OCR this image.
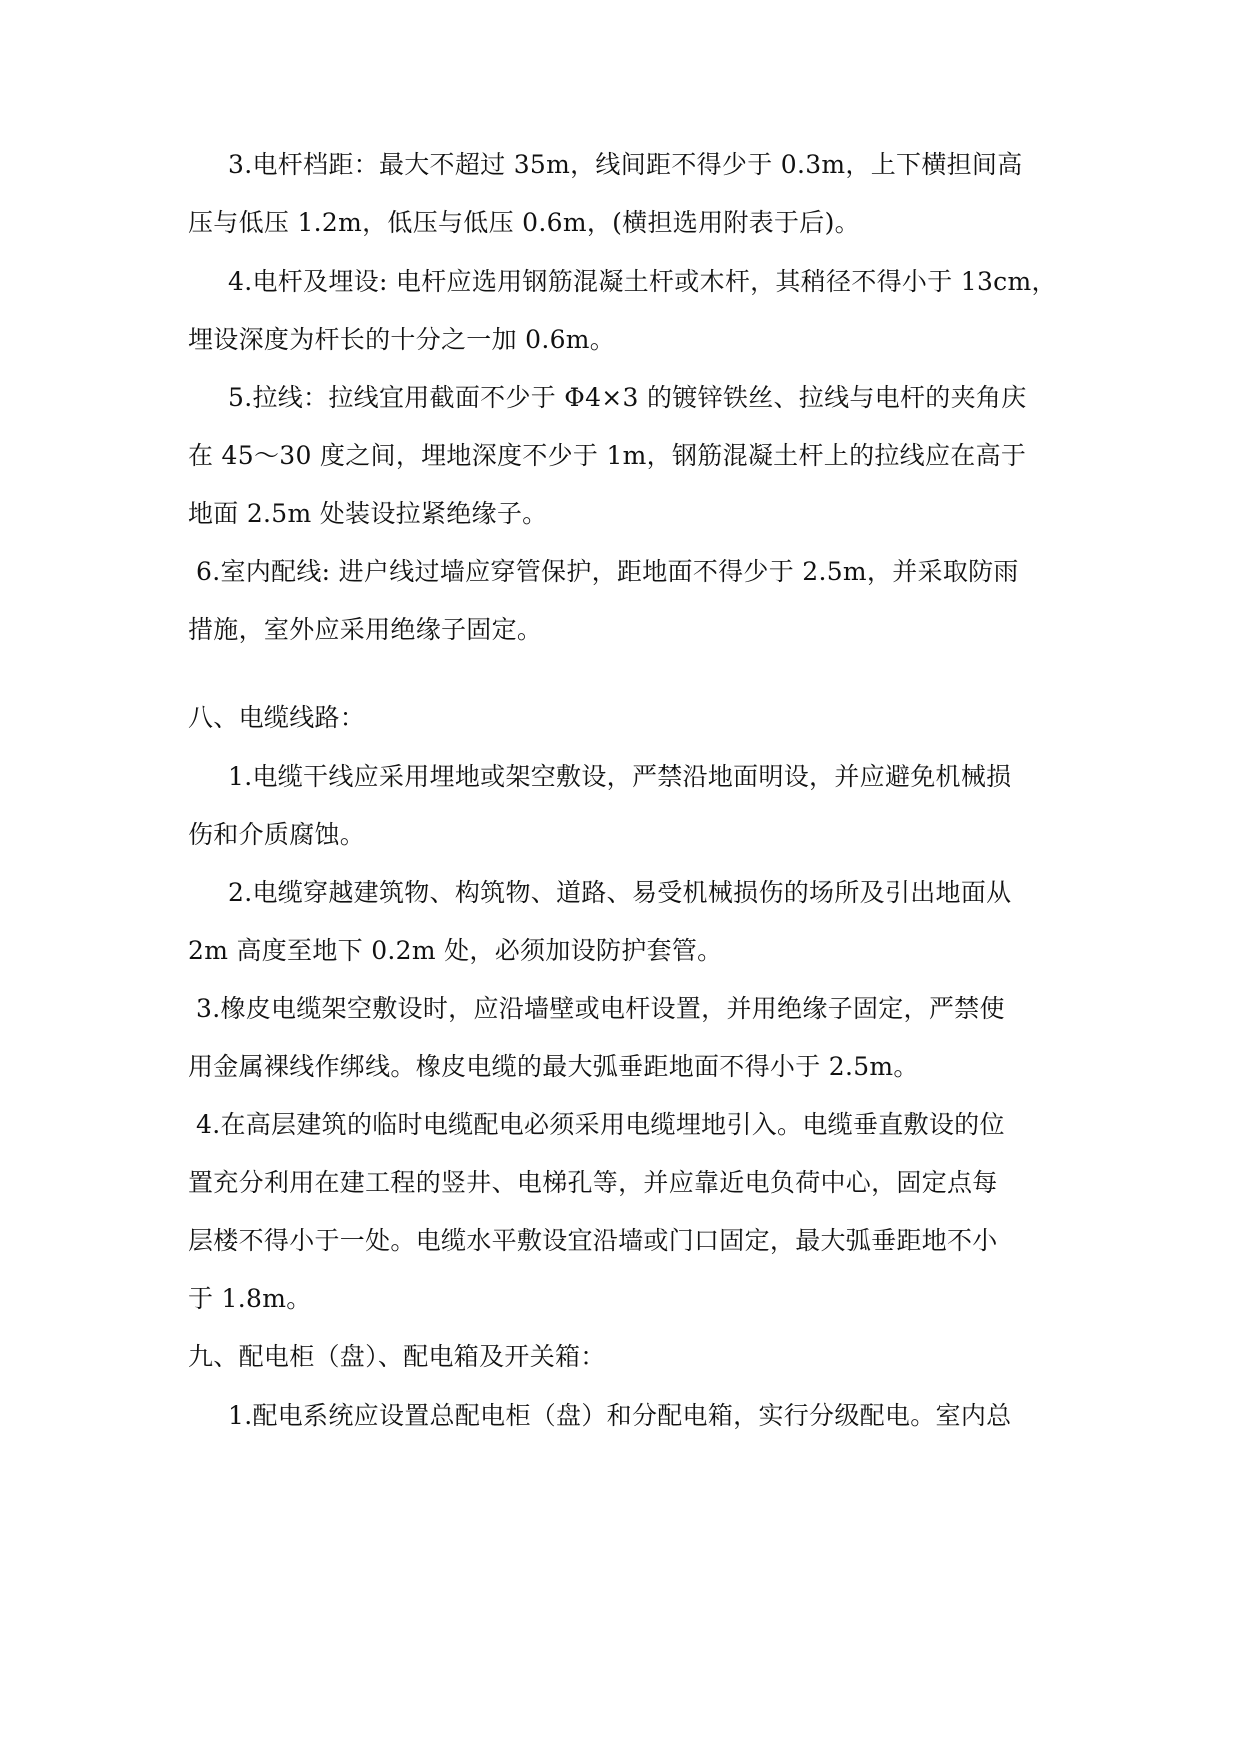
3.电杆档距：最大不超过 35m，线间距不得少于 0.3m，上下横担间高
压与低压 1.2m，低压与低压 0.6m，(横担选用附表于后)。
4.电杆及埋设: 电杆应选用钢筋混凝土杆或木杆，其稍径不得小于 13cm，
埋设深度为杆长的十分之一加 0.6m。
5.拉线：拉线宜用截面不少于 Φ4×3 的镀锌铁丝、拉线与电杆的夹角庆
在 45～30 度之间，埋地深度不少于 1m，钢筋混凝土杆上的拉线应在高于
地面 2.5m 处装设拉紧绝缘子。
6.室内配线: 进户线过墙应穿管保护，距地面不得少于 2.5m，并采取防雨
措施，室外应采用绝缘子固定。
八、电缆线路：
1.电缆干线应采用埋地或架空敷设，严禁沿地面明设，并应避免机械损
伤和介质腐蚀。
2.电缆穿越建筑物、构筑物、道路、易受机械损伤的场所及引出地面从
2m 高度至地下 0.2m 处，必须加设防护套管。
3.橡皮电缆架空敷设时，应沿墙壁或电杆设置，并用绝缘子固定，严禁使
用金属裸线作绑线。橡皮电缆的最大弧垂距地面不得小于 2.5m。
4.在高层建筑的临时电缆配电必须采用电缆埋地引入。电缆垂直敷设的位
置充分利用在建工程的竖井、电梯孔等，并应靠近电负荷中心，固定点每
层楼不得小于一处。电缆水平敷设宜沿墙或门口固定，最大弧垂距地不小
于 1.8m。
九、配电柜（盘）、配电箱及开关箱：
1.配电系统应设置总配电柜（盘）和分配电箱，实行分级配电。室内总
